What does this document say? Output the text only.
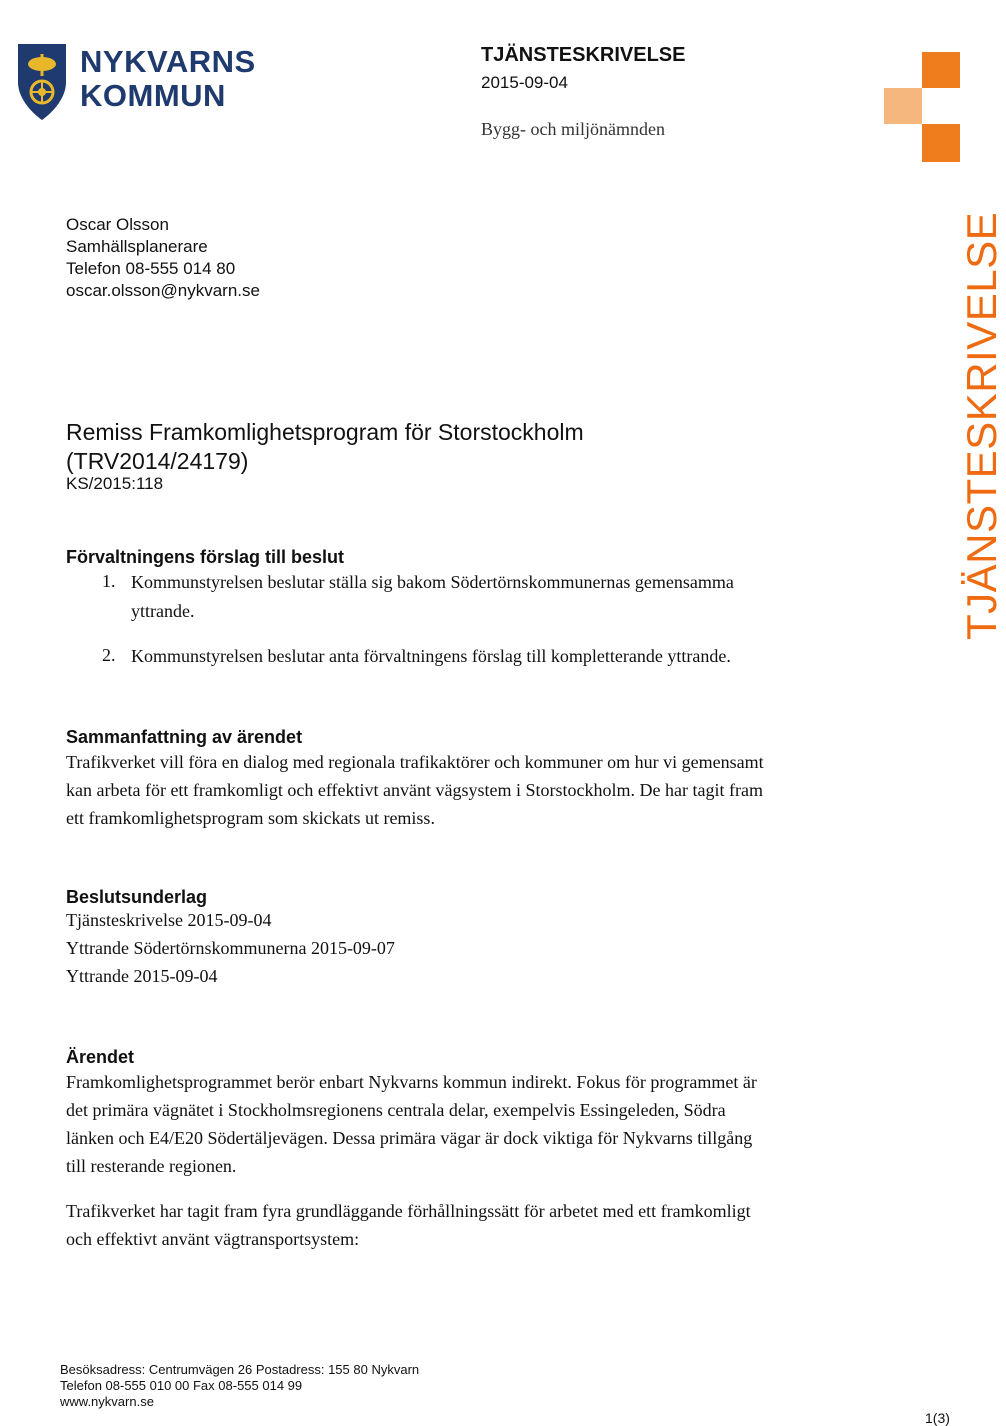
NYKVARNS
KOMMUN
TJÄNSTESKRIVELSE
2015-09-04
Bygg- och miljönämnden
TJÄNSTESKRIVELSE
Oscar Olsson
Samhällsplanerare
Telefon 08-555 014 80
oscar.olsson@nykvarn.se
Remiss Framkomlighetsprogram för Storstockholm
(TRV2014/24179)
KS/2015:118
Förvaltningens förslag till beslut
1. Kommunstyrelsen beslutar ställa sig bakom Södertörnskommunernas gemensamma
yttrande.
2. Kommunstyrelsen beslutar anta förvaltningens förslag till kompletterande yttrande.
Sammanfattning av ärendet
Trafikverket vill föra en dialog med regionala trafikaktörer och kommuner om hur vi gemensamt
kan arbeta för ett framkomligt och effektivt använt vägsystem i Storstockholm. De har tagit fram
ett framkomlighetsprogram som skickats ut remiss.
Beslutsunderlag
Tjänsteskrivelse 2015-09-04
Yttrande Södertörnskommunerna 2015-09-07
Yttrande 2015-09-04
Ärendet
Framkomlighetsprogrammet berör enbart Nykvarns kommun indirekt. Fokus för programmet är
det primära vägnätet i Stockholmsregionens centrala delar, exempelvis Essingeleden, Södra
länken och E4/E20 Södertäljevägen. Dessa primära vägar är dock viktiga för Nykvarns tillgång
till resterande regionen.
Trafikverket har tagit fram fyra grundläggande förhållningssätt för arbetet med ett framkomligt
och effektivt använt vägtransportsystem:
Besöksadress: Centrumvägen 26 Postadress: 155 80 Nykvarn
Telefon 08-555 010 00 Fax 08-555 014 99
www.nykvarn.se
1(3)
